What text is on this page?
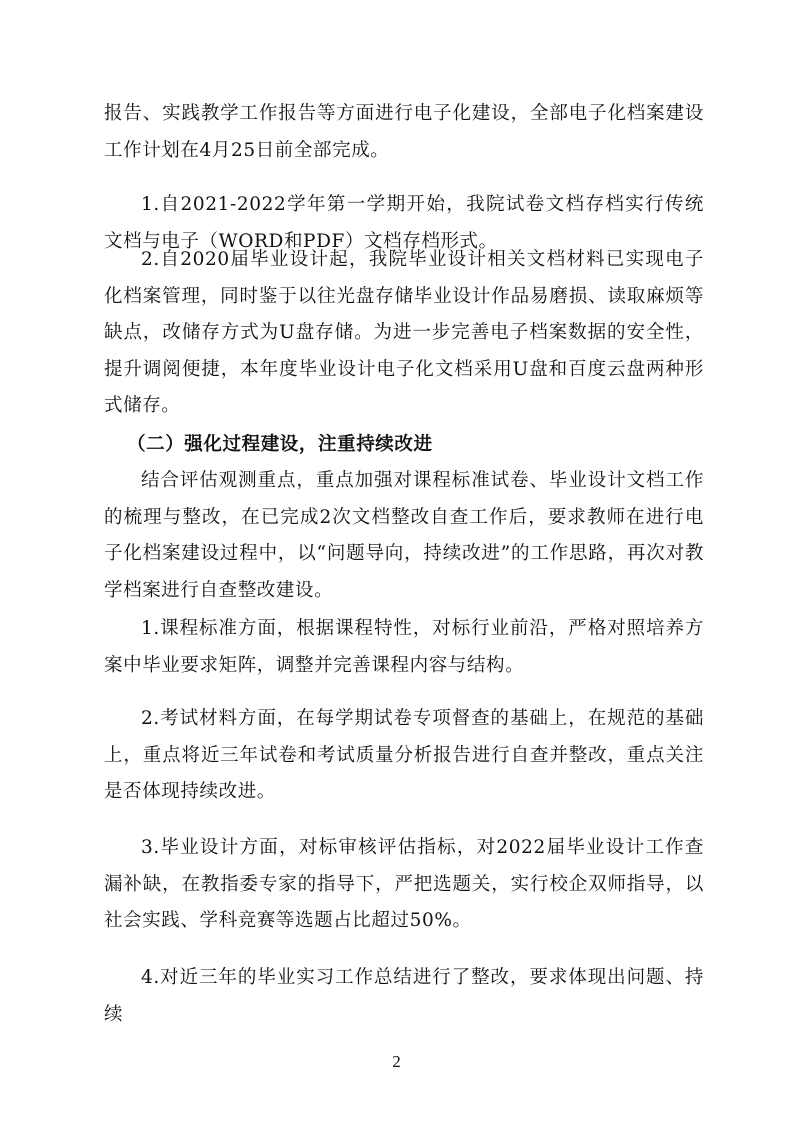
报告、实践教学工作报告等方面进行电子化建设，全部电子化档案建设工作计划在4月25日前全部完成。

1.自2021-2022学年第一学期开始，我院试卷文档存档实行传统文档与电子（WORD和PDF）文档存档形式。

2.自2020届毕业设计起，我院毕业设计相关文档材料已实现电子化档案管理，同时鉴于以往光盘存储毕业设计作品易磨损、读取麻烦等缺点，改储存方式为U盘存储。为进一步完善电子档案数据的安全性，提升调阅便捷，本年度毕业设计电子化文档采用U盘和百度云盘两种形式储存。

（二）强化过程建设，注重持续改进

结合评估观测重点，重点加强对课程标准试卷、毕业设计文档工作的梳理与整改，在已完成2次文档整改自查工作后，要求教师在进行电子化档案建设过程中，以“问题导向，持续改进”的工作思路，再次对教学档案进行自查整改建设。

1.课程标准方面，根据课程特性，对标行业前沿，严格对照培养方案中毕业要求矩阵，调整并完善课程内容与结构。

2.考试材料方面，在每学期试卷专项督查的基础上，在规范的基础上，重点将近三年试卷和考试质量分析报告进行自查并整改，重点关注是否体现持续改进。

3.毕业设计方面，对标审核评估指标，对2022届毕业设计工作查漏补缺，在教指委专家的指导下，严把选题关，实行校企双师指导，以社会实践、学科竞赛等选题占比超过50%。

4.对近三年的毕业实习工作总结进行了整改，要求体现出问题、持续

2
